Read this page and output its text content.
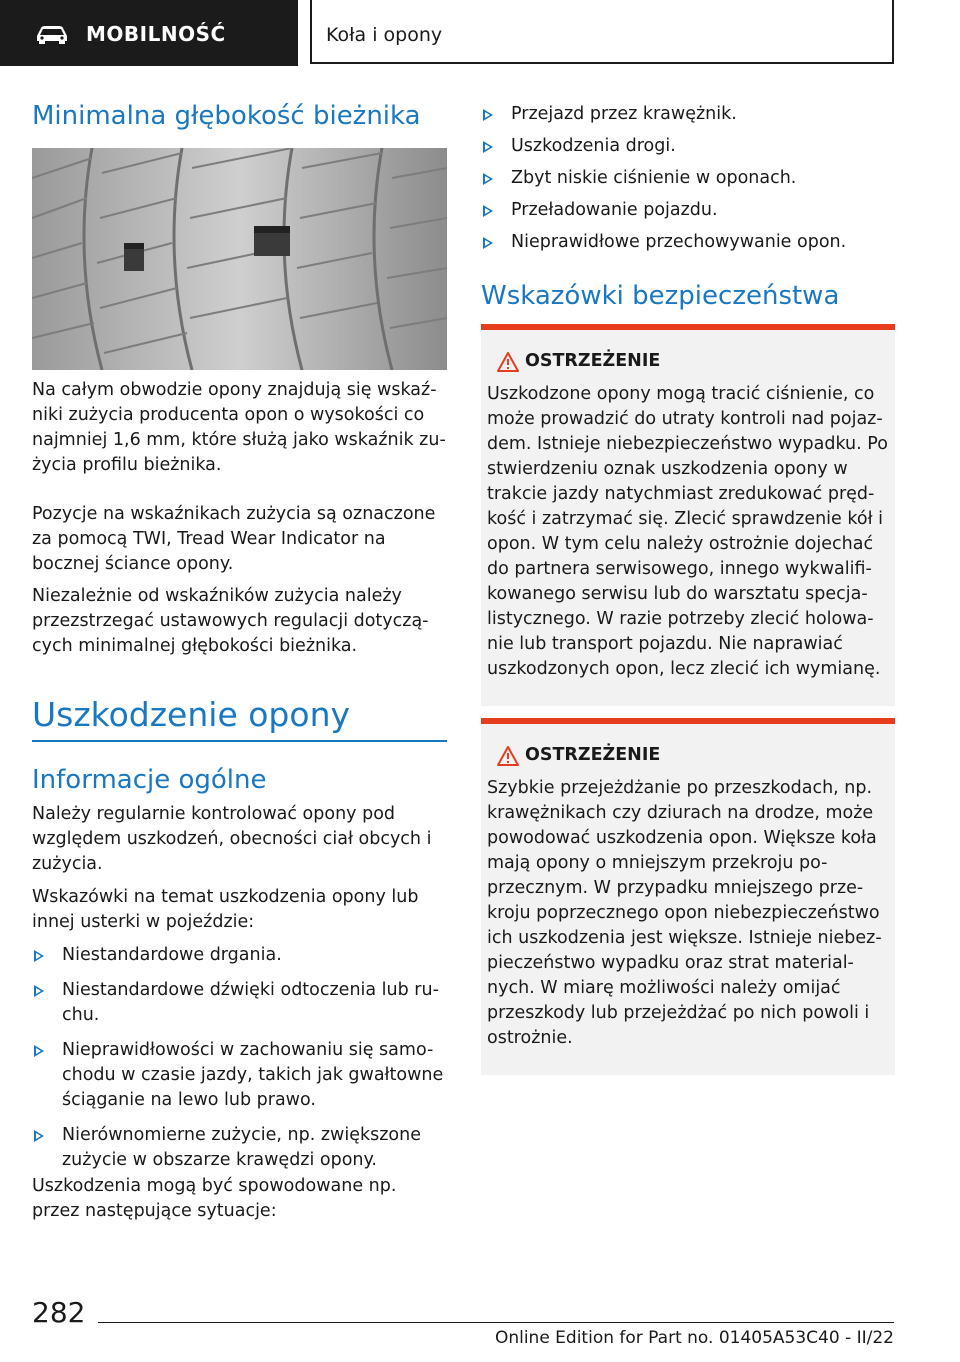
MOBILNOŚĆ	Koła i opony
Minimalna głębokość bieżnika

Na całym obwodzie opony znajdują się wskaź-niki zużycia producenta opon o wysokości co najmniej 1,6 mm, które służą jako wskaźnik zu-życia profilu bieżnika.

Pozycje na wskaźnikach zużycia są oznaczone za pomocą TWI, Tread Wear Indicator na bocznej ściance opony.

Niezależnie od wskaźników zużycia należy przezstrzegać ustawowych regulacji dotyczą-cych minimalnej głębokości bieżnika.

Uszkodzenie opony
Informacje ogólne

Należy regularnie kontrolować opony pod względem uszkodzeń, obecności ciał obcych i zużycia.

Wskazówki na temat uszkodzenia opony lub innej usterki w pojeździe:

Niestandardowe drgania.
Niestandardowe dźwięki odtoczenia lub ru-chu.
Nieprawidłowości w zachowaniu się samo-chodu w czasie jazdy, takich jak gwałtowne ściąganie na lewo lub prawo.
Nierównomierne zużycie, np. zwiększone zużycie w obszarze krawędzi opony.

Uszkodzenia mogą być spowodowane np. przez następujące sytuacje:

Przejazd przez krawężnik.
Uszkodzenia drogi.
Zbyt niskie ciśnienie w oponach.
Przeładowanie pojazdu.
Nieprawidłowe przechowywanie opon.
Wskazówki bezpieczeństwa
OSTRZEŻENIE

Uszkodzone opony mogą tracić ciśnienie, co może prowadzić do utraty kontroli nad pojaz-dem. Istnieje niebezpieczeństwo wypadku. Po stwierdzeniu oznak uszkodzenia opony w trakcie jazdy natychmiast zredukować pręd-kość i zatrzymać się. Zlecić sprawdzenie kół i opon. W tym celu należy ostrożnie dojechać do partnera serwisowego, innego wykwalifi-kowanego serwisu lub do warsztatu specja-listycznego. W razie potrzeby zlecić holowa-nie lub transport pojazdu. Nie naprawiać uszkodzonych opon, lecz zlecić ich wymianę.

OSTRZEŻENIE

Szybkie przejeżdżanie po przeszkodach, np. krawężnikach czy dziurach na drodze, może powodować uszkodzenia opon. Większe koła mają opony o mniejszym przekroju po-przecznym. W przypadku mniejszego prze-kroju poprzecznego opon niebezpieczeństwo ich uszkodzenia jest większe. Istnieje niebez-pieczeństwo wypadku oraz strat material-nych. W miarę możliwości należy omijać przeszkody lub przejeżdżać po nich powoli i ostrożnie.

282
Online Edition for Part no. 01405A53C40 - II/22
